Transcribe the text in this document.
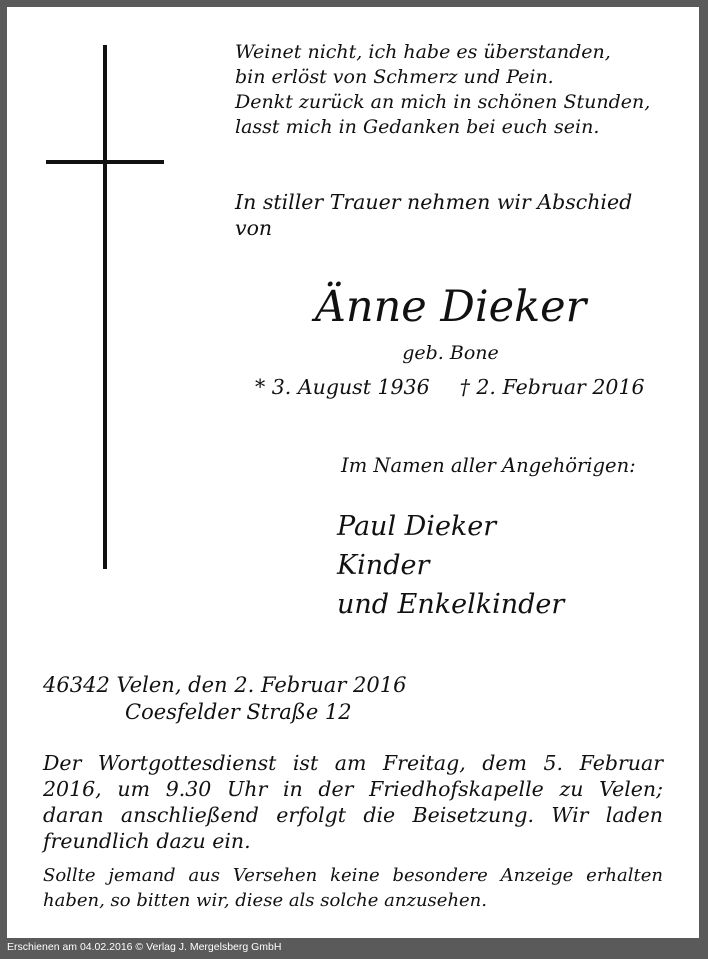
Weinet nicht, ich habe es überstanden,
bin erlöst von Schmerz und Pein.
Denkt zurück an mich in schönen Stunden,
lasst mich in Gedanken bei euch sein.
In stiller Trauer nehmen wir Abschied
von
Änne Dieker
geb. Bone
* 3. August 1936 † 2. Februar 2016
Im Namen aller Angehörigen:
Paul Dieker
Kinder
und Enkelkinder
46342 Velen, den 2. Februar 2016
Coesfelder Straße 12
Der Wortgottesdienst ist am Freitag, dem 5. Februar
2016, um 9.30 Uhr in der Friedhofskapelle zu Velen;
daran anschließend erfolgt die Beisetzung. Wir laden
freundlich dazu ein.
Sollte jemand aus Versehen keine besondere Anzeige erhalten
haben, so bitten wir, diese als solche anzusehen.
Erschienen am 04.02.2016 © Verlag J. Mergelsberg GmbH
